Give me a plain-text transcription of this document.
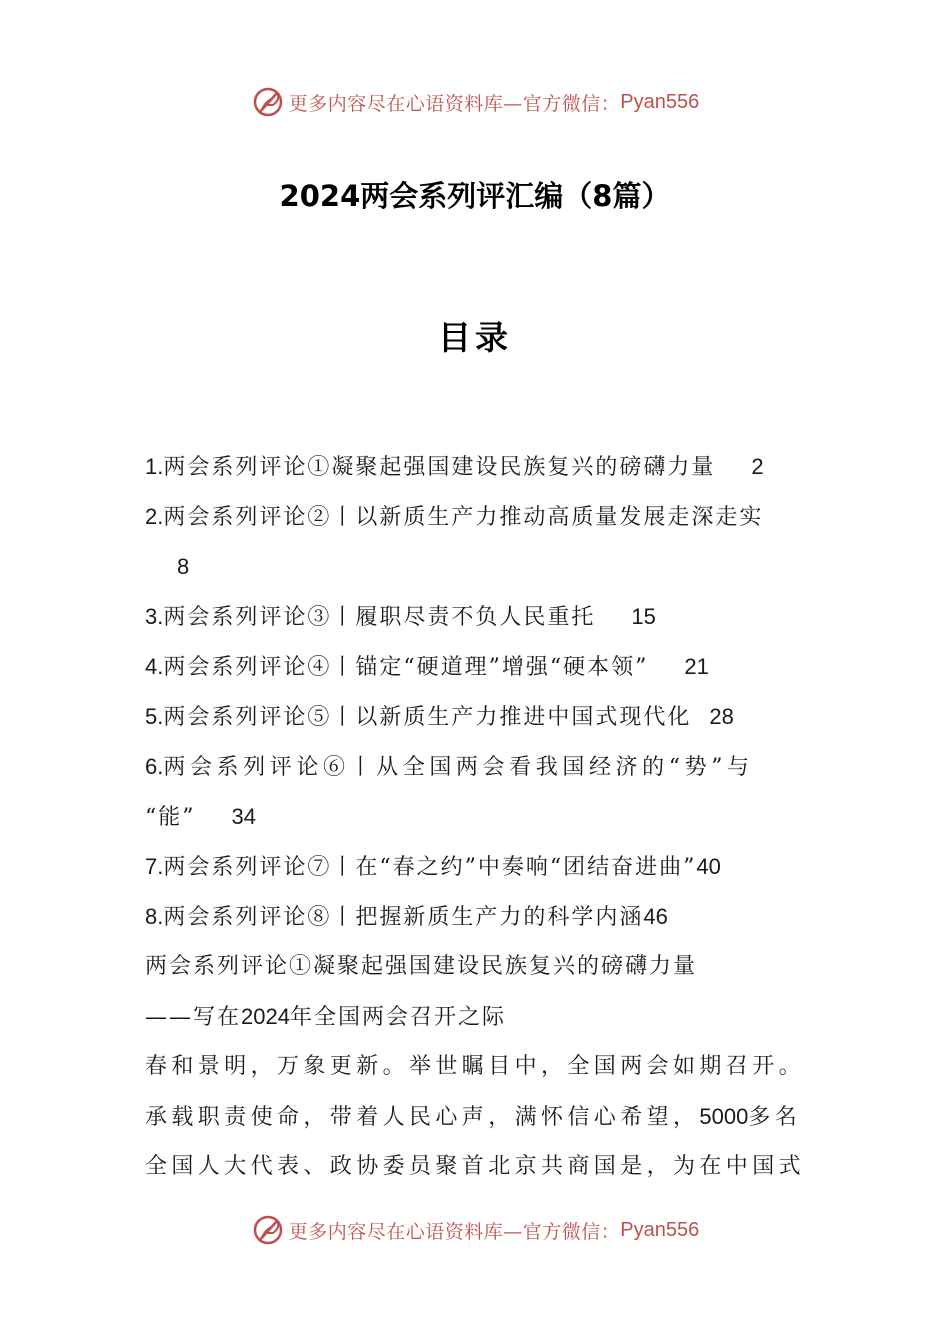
更多内容尽在心语资料库—官方微信： Pyan556
2024两会系列评汇编（8篇）
目录
1.两会系列评论①凝聚起强国建设民族复兴的磅礴力量 2
2.两会系列评论②丨以新质生产力推动高质量发展走深走实
8
3.两会系列评论③丨履职尽责不负人民重托 15
4.两会系列评论④丨锚定“硬道理”增强“硬本领” 21
5.两会系列评论⑤丨以新质生产力推进中国式现代化 28
6.两会系列评论⑥丨从全国两会看我国经济的“势”与
“能” 34
7.两会系列评论⑦丨在“春之约”中奏响“团结奋进曲”40
8.两会系列评论⑧丨把握新质生产力的科学内涵46
两会系列评论①凝聚起强国建设民族复兴的磅礴力量
——写在2024年全国两会召开之际
春和景明，万象更新。举世瞩目中，全国两会如期召开。
承载职责使命，带着人民心声，满怀信心希望，5000多名
全国人大代表、政协委员聚首北京共商国是，为在中国式
更多内容尽在心语资料库—官方微信： Pyan556
